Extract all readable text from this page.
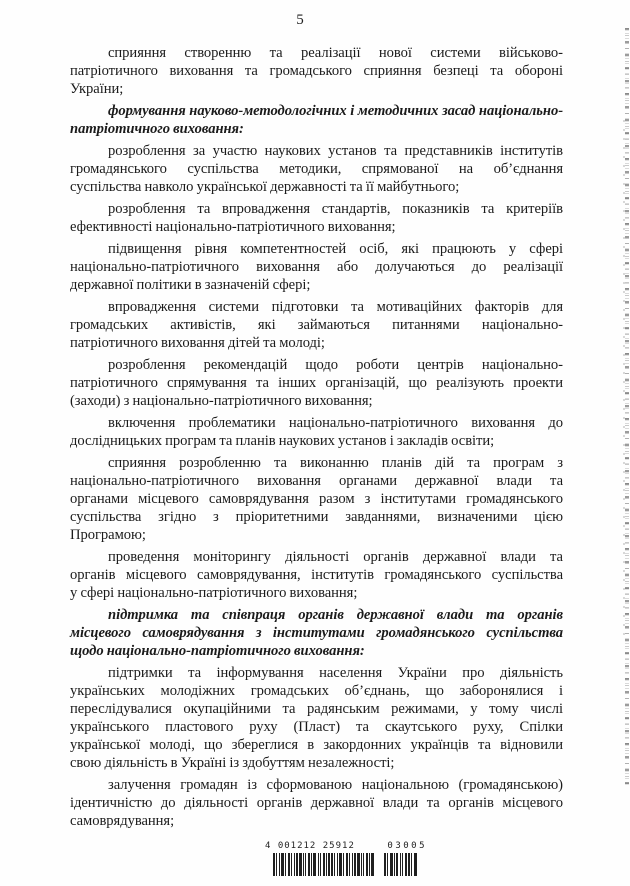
5

сприяння створенню та реалізації нової системи військово-
патріотичного виховання та громадського сприяння безпеці та обороні
України;

формування науково-методологічних і методичних засад національно-
патріотичного виховання:

розроблення за участю наукових установ та представників інститутів
громадянського суспільства методики, спрямованої на об’єднання
суспільства навколо української державності та її майбутнього;

розроблення та впровадження стандартів, показників та критеріїв
ефективності національно-патріотичного виховання;

підвищення рівня компетентностей осіб, які працюють у сфері
національно-патріотичного виховання або долучаються до реалізації
державної політики в зазначеній сфері;

впровадження системи підготовки та мотиваційних факторів для
громадських активістів, які займаються питаннями національно-
патріотичного виховання дітей та молоді;

розроблення рекомендацій щодо роботи центрів національно-
патріотичного спрямування та інших організацій, що реалізують проекти
(заходи) з національно-патріотичного виховання;

включення проблематики національно-патріотичного виховання до
дослідницьких програм та планів наукових установ і закладів освіти;

сприяння розробленню та виконанню планів дій та програм з
національно-патріотичного виховання органами державної влади та
органами місцевого самоврядування разом з інститутами громадянського
суспільства згідно з пріоритетними завданнями, визначеними цією
Програмою;

проведення моніторингу діяльності органів державної влади та
органів місцевого самоврядування, інститутів громадянського суспільства
у сфері національно-патріотичного виховання;

підтримка та співпраця органів державної влади та органів
місцевого самоврядування з інститутами громадянського суспільства
щодо національно-патріотичного виховання:

підтримки та інформування населення України про діяльність
українських молодіжних громадських об’єднань, що заборонялися і
переслідувалися окупаційними та радянським режимами, у тому числі
українського пластового руху (Пласт) та скаутського руху, Спілки
української молоді, що збереглися в закордонних українців та відновили
свою діяльність в Україні із здобуттям незалежності;

залучення громадян із сформованою національною (громадянською)
ідентичністю до діяльності органів державної влади та органів місцевого
самоврядування;

4 001212 25912	03005
